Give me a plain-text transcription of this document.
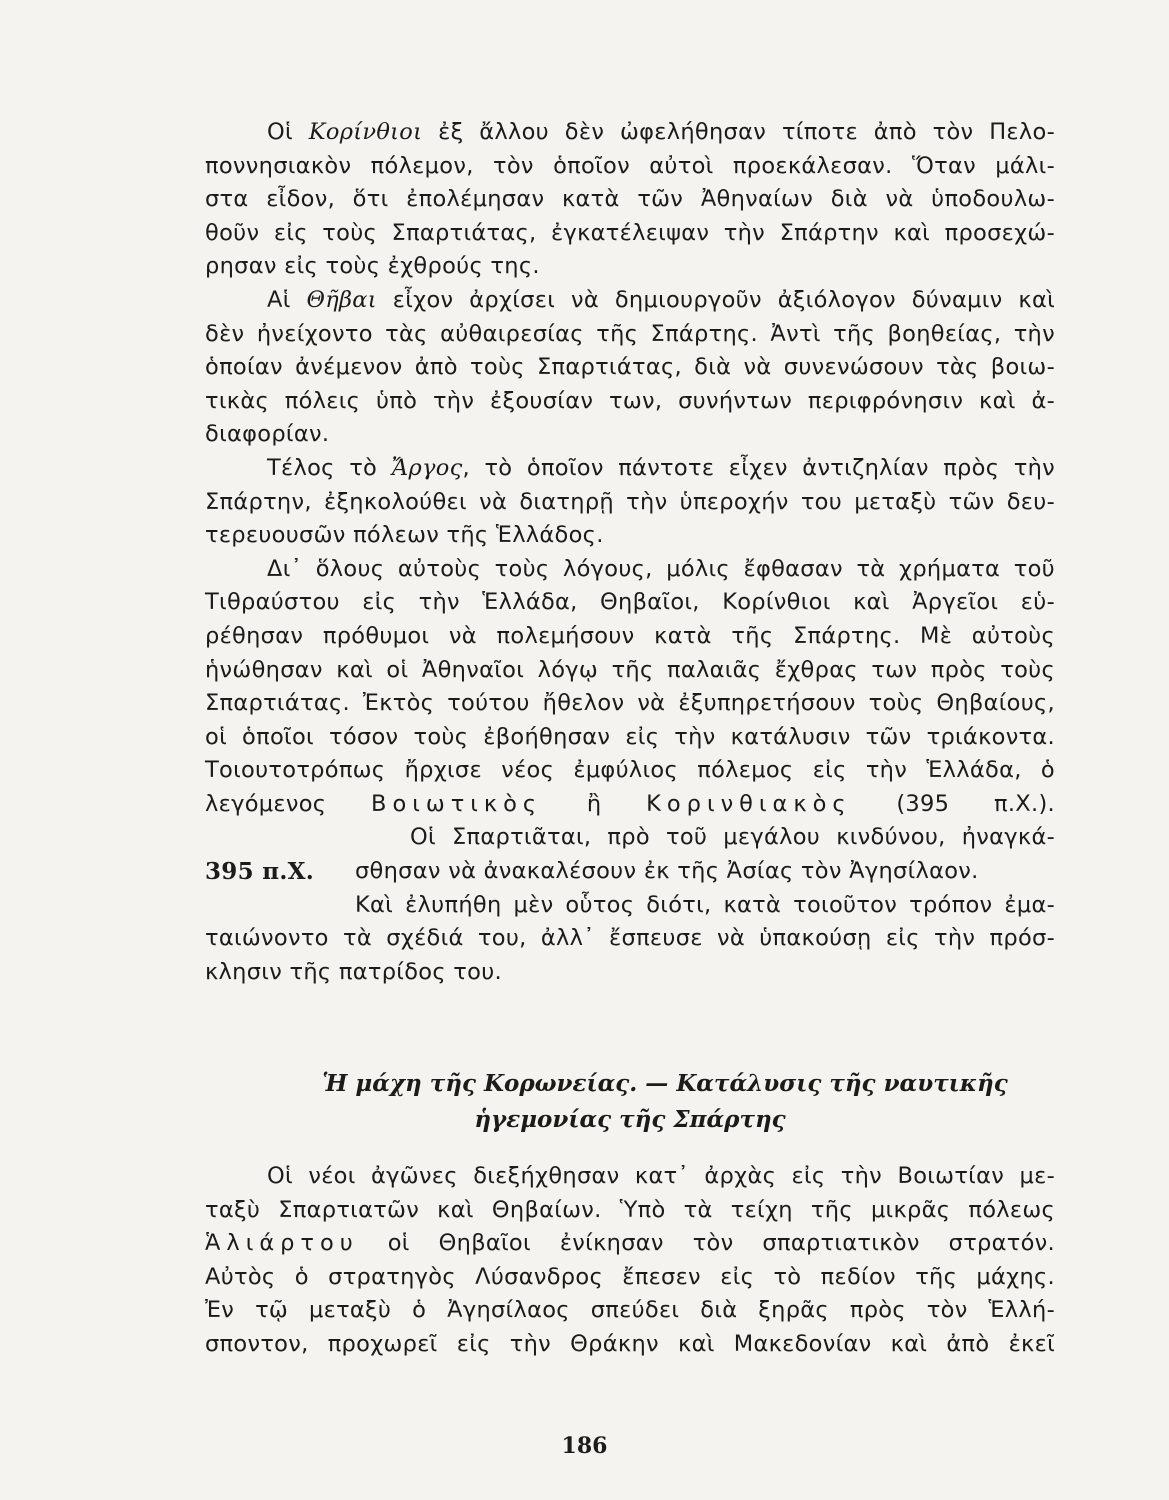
Οἱ Κορίνθιοι ἐξ ἄλλου δὲν ὠφελήθησαν τίποτε ἀπὸ τὸν Πελο-
ποννησιακὸν πόλεμον, τὸν ὁποῖον αὐτοὶ προεκάλεσαν. Ὅταν μάλι-
στα εἶδον, ὅτι ἐπολέμησαν κατὰ τῶν Ἀθηναίων διὰ νὰ ὑποδουλω-
θοῦν εἰς τοὺς Σπαρτιάτας, ἐγκατέλειψαν τὴν Σπάρτην καὶ προσεχώ-
ρησαν εἰς τοὺς ἐχθρούς της.
Αἱ Θῆβαι εἶχον ἀρχίσει νὰ δημιουργοῦν ἀξιόλογον δύναμιν καὶ
δὲν ἠνείχοντο τὰς αὐθαιρεσίας τῆς Σπάρτης. Ἀντὶ τῆς βοηθείας, τὴν
ὁποίαν ἀνέμενον ἀπὸ τοὺς Σπαρτιάτας, διὰ νὰ συνενώσουν τὰς βοιω-
τικὰς πόλεις ὑπὸ τὴν ἐξουσίαν των, συνήντων περιφρόνησιν καὶ ἀ-
διαφορίαν.
Τέλος τὸ Ἄργος, τὸ ὁποῖον πάντοτε εἶχεν ἀντιζηλίαν πρὸς τὴν
Σπάρτην, ἐξηκολούθει νὰ διατηρῇ τὴν ὑπεροχήν του μεταξὺ τῶν δευ-
τερευουσῶν πόλεων τῆς Ἑλλάδος.
Δι᾽ ὅλους αὐτοὺς τοὺς λόγους, μόλις ἔφθασαν τὰ χρήματα τοῦ
Τιθραύστου εἰς τὴν Ἑλλάδα, Θηβαῖοι, Κορίνθιοι καὶ Ἀργεῖοι εὑ-
ρέθησαν πρόθυμοι νὰ πολεμήσουν κατὰ τῆς Σπάρτης. Μὲ αὐτοὺς
ἡνώθησαν καὶ οἱ Ἀθηναῖοι λόγῳ τῆς παλαιᾶς ἔχθρας των πρὸς τοὺς
Σπαρτιάτας. Ἐκτὸς τούτου ἤθελον νὰ ἐξυπηρετήσουν τοὺς Θηβαίους,
οἱ ὁποῖοι τόσον τοὺς ἐβοήθησαν εἰς τὴν κατάλυσιν τῶν τριάκοντα.
Τοιουτοτρόπως ἤρχισε νέος ἐμφύλιος πόλεμος εἰς τὴν Ἑλλάδα, ὁ
λεγόμενος Βοιωτικὸς ἢ Κορινθιακὸς (395 π.Χ.).
Οἱ Σπαρτιᾶται, πρὸ τοῦ μεγάλου κινδύνου, ἠναγκά-
395 π.Χ. σθησαν νὰ ἀνακαλέσουν ἐκ τῆς Ἀσίας τὸν Ἀγησίλαον.
Καὶ ἐλυπήθη μὲν οὗτος διότι, κατὰ τοιοῦτον τρόπον ἐμα-
ταιώνοντο τὰ σχέδιά του, ἀλλ᾽ ἔσπευσε νὰ ὑπακούσῃ εἰς τὴν πρόσ-
κλησιν τῆς πατρίδος του.
Ἡ μάχη τῆς Κορωνείας. — Κατάλυσις τῆς ναυτικῆς
ἡγεμονίας τῆς Σπάρτης
Οἱ νέοι ἀγῶνες διεξήχθησαν κατ᾽ ἀρχὰς εἰς τὴν Βοιωτίαν με-
ταξὺ Σπαρτιατῶν καὶ Θηβαίων. Ὑπὸ τὰ τείχη τῆς μικρᾶς πόλεως
Ἁλιάρτου οἱ Θηβαῖοι ἐνίκησαν τὸν σπαρτιατικὸν στρατόν.
Αὐτὸς ὁ στρατηγὸς Λύσανδρος ἔπεσεν εἰς τὸ πεδίον τῆς μάχης.
Ἐν τῷ μεταξὺ ὁ Ἀγησίλαος σπεύδει διὰ ξηρᾶς πρὸς τὸν Ἑλλή-
σποντον, προχωρεῖ εἰς τὴν Θράκην καὶ Μακεδονίαν καὶ ἀπὸ ἐκεῖ
186
